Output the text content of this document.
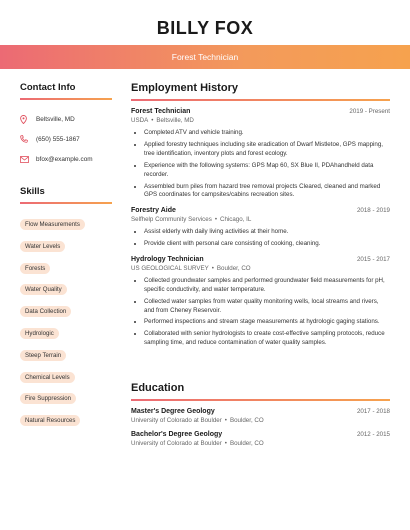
BILLY FOX
Forest Technician
Contact Info
Beltsville, MD
(650) 555-1867
bfox@example.com
Skills
Flow Measurements
Water Levels
Forests
Water Quality
Data Collection
Hydrologic
Steep Terrain
Chemical Levels
Fire Suppression
Natural Resources
Employment History
Forest Technician	2019 - Present
USDA • Beltsville, MD
• Completed ATV and vehicle training.
• Applied forestry techniques including site eradication of Dwarf Mistletoe, GPS mapping, tree identification, inventory plots and forest ecology.
• Experience with the following systems: GPS Map 60, SX Blue II, PDAhandheld data recorder.
• Assembled burn piles from hazard tree removal projects Cleared, cleaned and marked GPS coordinates for campsites/cabins recreation sites.
Forestry Aide	2018 - 2019
Selfhelp Community Services • Chicago, IL
• Assist elderly with daily living activities at their home.
• Provide client with personal care consisting of cooking, cleaning.
Hydrology Technician	2015 - 2017
US GEOLOGICAL SURVEY • Boulder, CO
• Collected groundwater samples and performed groundwater field measurements for pH, specific conductivity, and water temperature.
• Collected water samples from water quality monitoring wells, local streams and rivers, and from Cheney Reservoir.
• Performed inspections and stream stage measurements at hydrologic gaging stations.
• Collaborated with senior hydrologists to create cost-effective sampling protocols, reduce sampling time, and reduce contamination of water quality samples.
Education
Master's Degree Geology	2017 - 2018
University of Colorado at Boulder • Boulder, CO
Bachelor's Degree Geology	2012 - 2015
University of Colorado at Boulder • Boulder, CO
